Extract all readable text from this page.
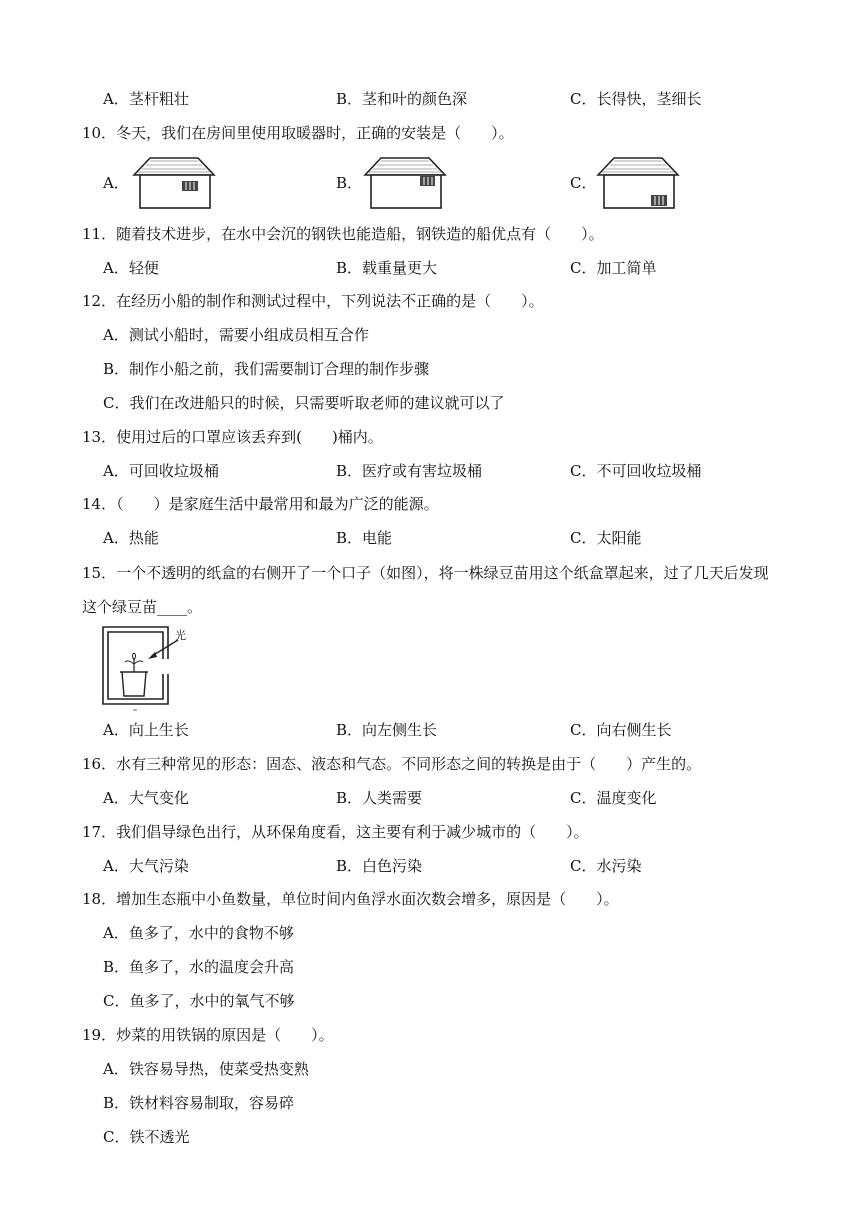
A．茎杆粗壮	B．茎和叶的颜色深	C．长得快，茎细长
10．冬天，我们在房间里使用取暖器时，正确的安装是（　　）。
A．	B．	C．
11．随着技术进步，在水中会沉的钢铁也能造船，钢铁造的船优点有（　　）。
A．轻便	B．载重量更大	C．加工简单
12．在经历小船的制作和测试过程中，下列说法不正确的是（　　）。
A．测试小船时，需要小组成员相互合作
B．制作小船之前，我们需要制订合理的制作步骤
C．我们在改进船只的时候，只需要听取老师的建议就可以了
13．使用过后的口罩应该丢弃到(　　)桶内。
A．可回收垃圾桶	B．医疗或有害垃圾桶	C．不可回收垃圾桶
14．（　　）是家庭生活中最常用和最为广泛的能源。
A．热能	B．电能	C．太阳能
15．一个不透明的纸盒的右侧开了一个口子（如图），将一株绿豆苗用这个纸盒罩起来，过了几天后发现
这个绿豆苗____。
光
A．向上生长	B．向左侧生长	C．向右侧生长
16．水有三种常见的形态：固态、液态和气态。不同形态之间的转换是由于（　　）产生的。
A．大气变化	B．人类需要	C．温度变化
17．我们倡导绿色出行，从环保角度看，这主要有利于减少城市的（　　）。
A．大气污染	B．白色污染	C．水污染
18．增加生态瓶中小鱼数量，单位时间内鱼浮水面次数会增多，原因是（　　）。
A．鱼多了，水中的食物不够
B．鱼多了，水的温度会升高
C．鱼多了，水中的氧气不够
19．炒菜的用铁锅的原因是（　　）。
A．铁容易导热，使菜受热变熟
B．铁材料容易制取，容易碎
C．铁不透光
